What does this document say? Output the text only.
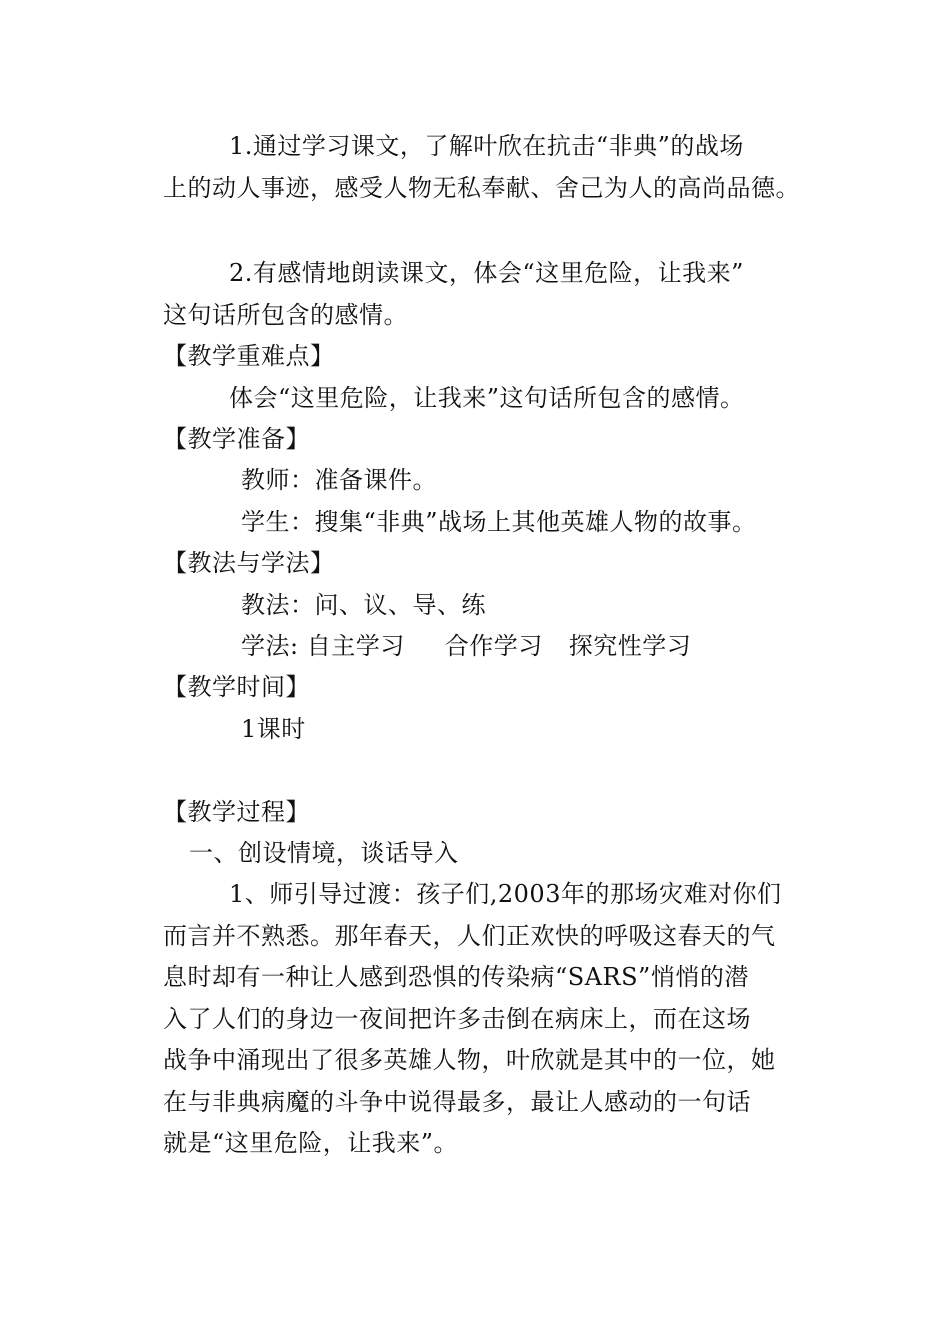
1.通过学习课文，了解叶欣在抗击“非典”的战场
上的动人事迹，感受人物无私奉献、舍己为人的高尚品德。
2.有感情地朗读课文，体会“这里危险，让我来”
这句话所包含的感情。
【教学重难点】
体会“这里危险，让我来”这句话所包含的感情。
【教学准备】
教师：准备课件。
学生：搜集“非典”战场上其他英雄人物的故事。
【教法与学法】
教法：问、议、导、练
学法: 自主学习 合作学习 探究性学习
【教学时间】
1课时
【教学过程】
一、创设情境，谈话导入
1、师引导过渡：孩子们,2003年的那场灾难对你们
而言并不熟悉。那年春天，人们正欢快的呼吸这春天的气
息时却有一种让人感到恐惧的传染病“SARS”悄悄的潜
入了人们的身边一夜间把许多击倒在病床上，而在这场
战争中涌现出了很多英雄人物，叶欣就是其中的一位，她
在与非典病魔的斗争中说得最多，最让人感动的一句话
就是“这里危险，让我来”。
